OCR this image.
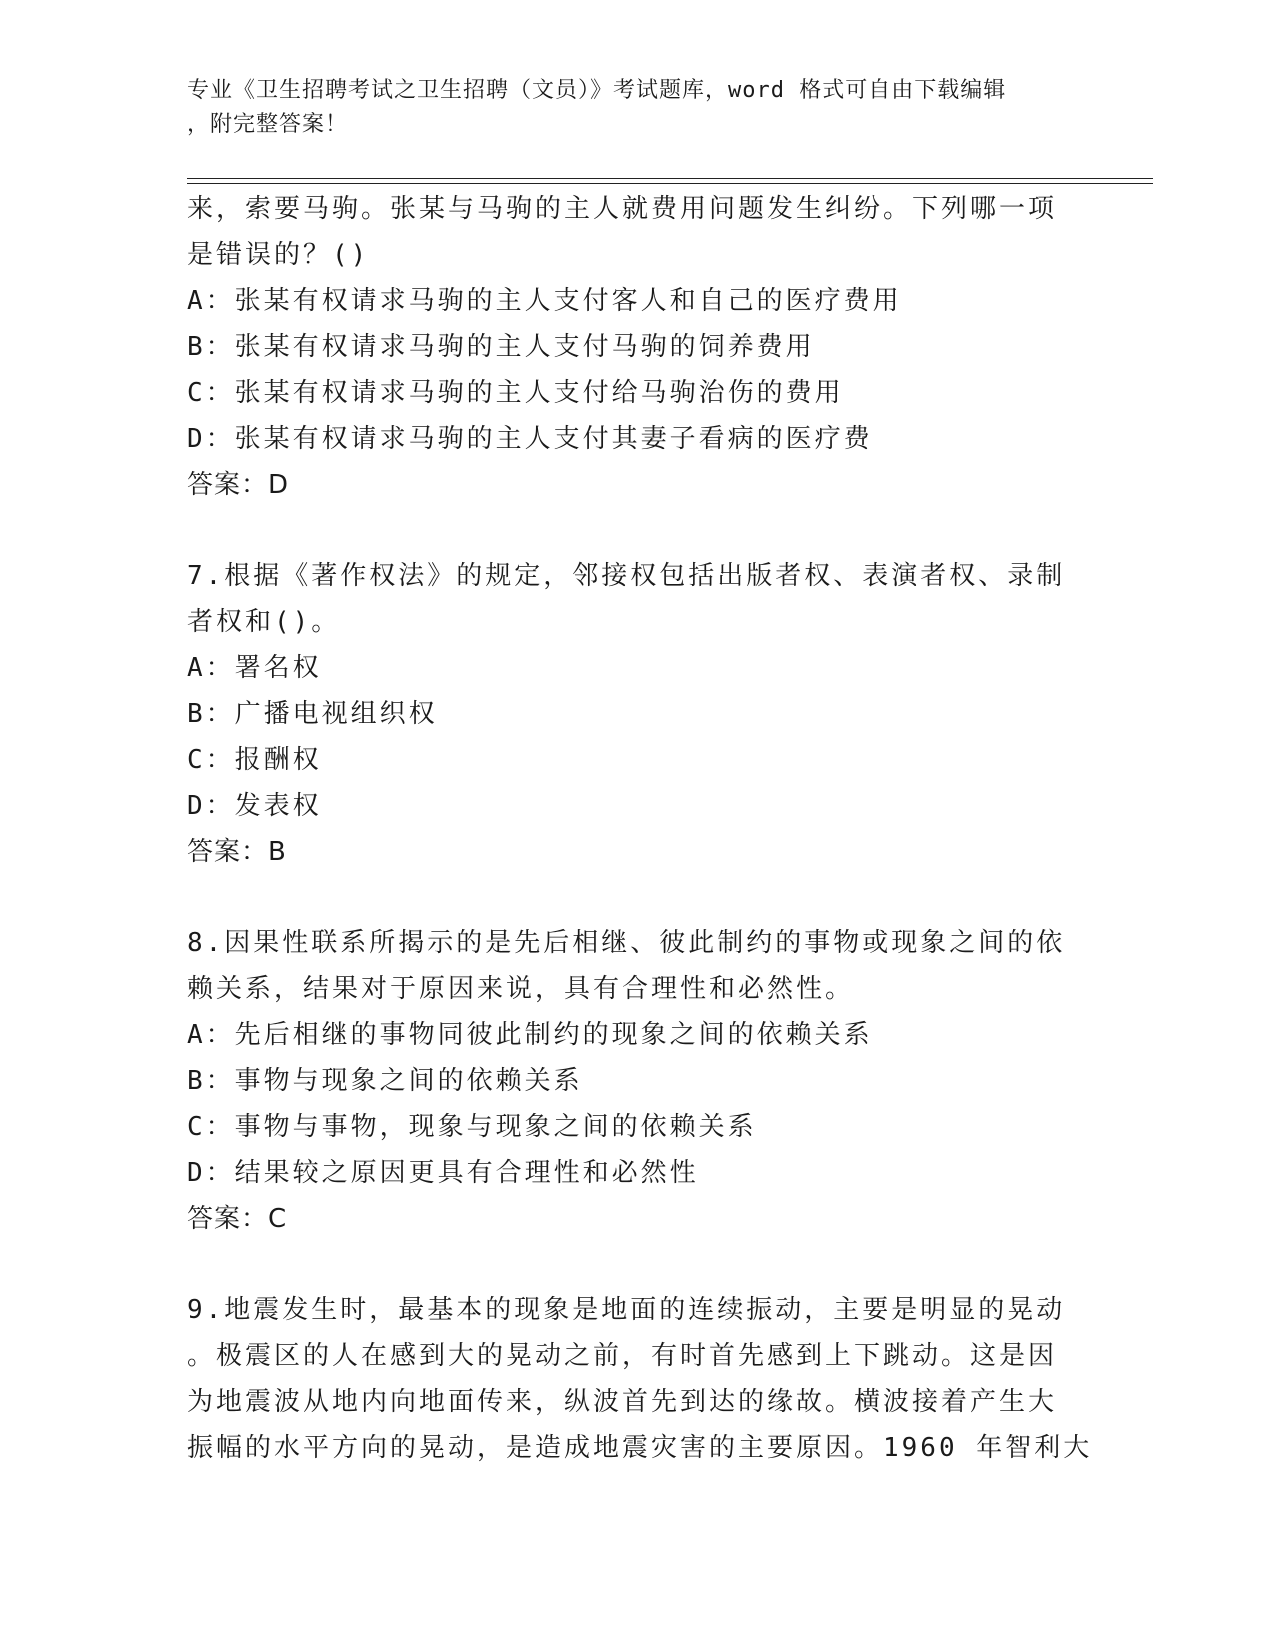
专业《卫生招聘考试之卫生招聘（文员）》考试题库，word 格式可自由下载编辑
，附完整答案！
来，索要马驹。张某与马驹的主人就费用问题发生纠纷。下列哪一项
是错误的？()
A：张某有权请求马驹的主人支付客人和自己的医疗费用
B：张某有权请求马驹的主人支付马驹的饲养费用
C：张某有权请求马驹的主人支付给马驹治伤的费用
D：张某有权请求马驹的主人支付其妻子看病的医疗费
答案：D
7.根据《著作权法》的规定，邻接权包括出版者权、表演者权、录制
者权和()。
A：署名权
B：广播电视组织权
C：报酬权
D：发表权
答案：B
8.因果性联系所揭示的是先后相继、彼此制约的事物或现象之间的依
赖关系，结果对于原因来说，具有合理性和必然性。
A：先后相继的事物同彼此制约的现象之间的依赖关系
B：事物与现象之间的依赖关系
C：事物与事物，现象与现象之间的依赖关系
D：结果较之原因更具有合理性和必然性
答案：C
9.地震发生时，最基本的现象是地面的连续振动，主要是明显的晃动
。极震区的人在感到大的晃动之前，有时首先感到上下跳动。这是因
为地震波从地内向地面传来，纵波首先到达的缘故。横波接着产生大
振幅的水平方向的晃动，是造成地震灾害的主要原因。1960 年智利大
